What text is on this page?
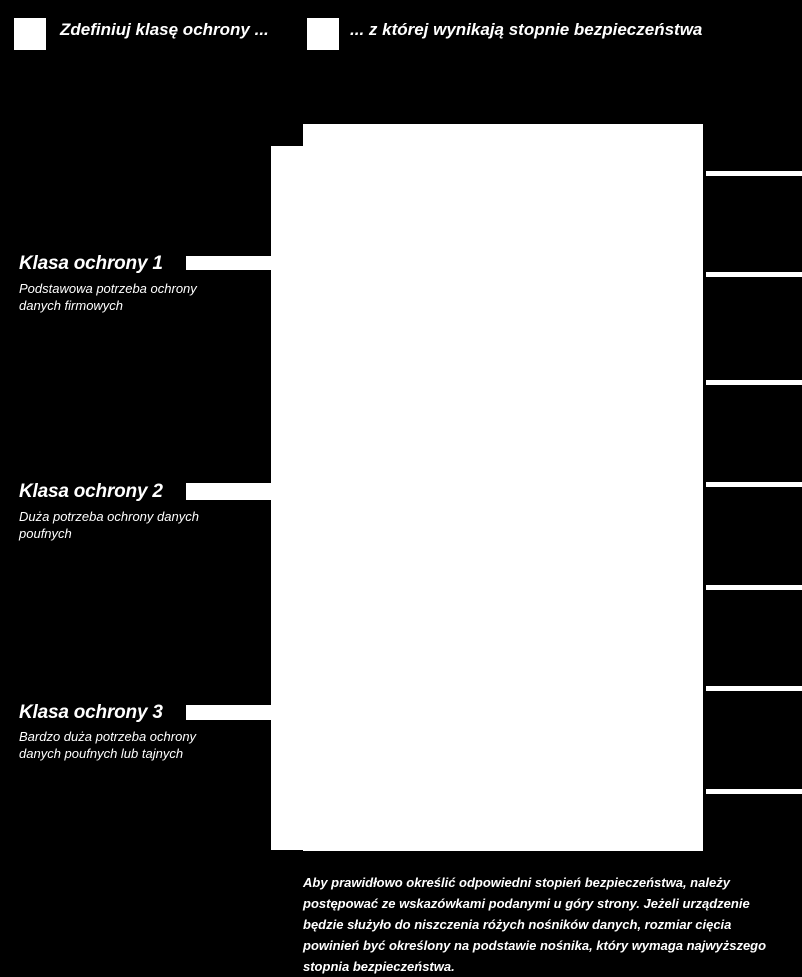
Zdefiniuj klasę ochrony ...	... z której wynikają stopnie bezpieczeństwa
Klasa ochrony 1
Podstawowa potrzeba ochrony danych firmowych
Klasa ochrony 2
Duża potrzeba ochrony danych poufnych
Klasa ochrony 3
Bardzo duża potrzeba ochrony danych poufnych lub tajnych
Aby prawidłowo określić odpowiedni stopień bezpieczeństwa, należy postępować ze wskazówkami podanymi u góry strony. Jeżeli urządzenie będzie służyło do niszczenia różych nośników danych, rozmiar cięcia powinień być określony na podstawie nośnika, który wymaga najwyższego stopnia bezpieczeństwa.
